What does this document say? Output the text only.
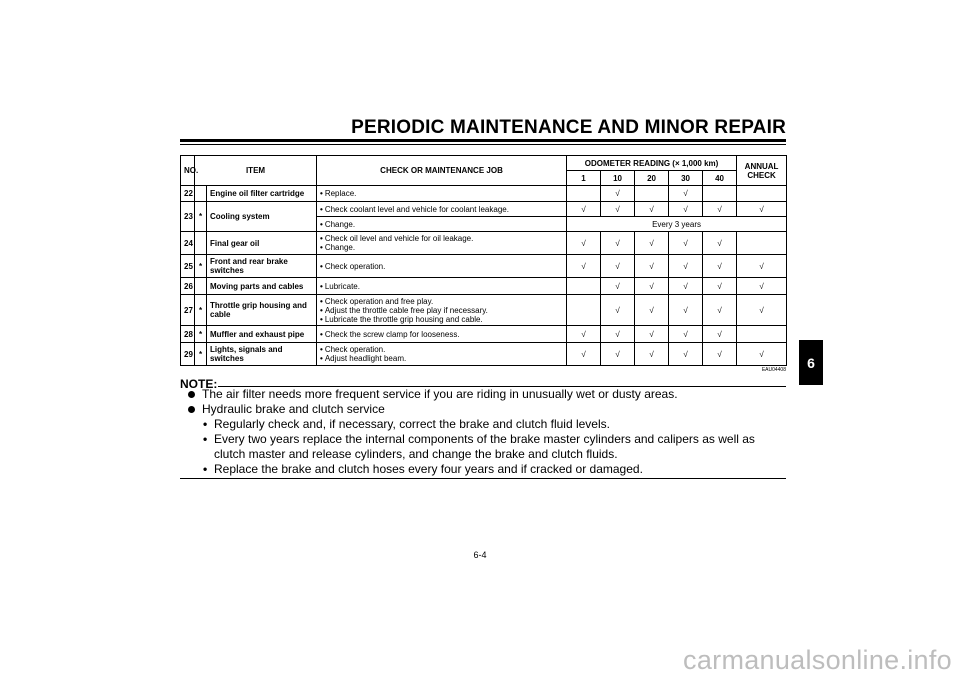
PERIODIC MAINTENANCE AND MINOR REPAIR
6
NO.	ITEM		CHECK OR MAINTENANCE JOB	ODOMETER READING (× 1,000 km)					ANNUAL CHECK
				1	10	20	30	40	
22		Engine oil filter cartridge	• Replace.		√		√		
23	*	Cooling system	• Check coolant level and vehicle for coolant leakage.	√	√	√	√	√	√

			• Change.	Every 3 years					
24		Final gear oil	• Check oil level and vehicle for oil leakage.
• Change.	√	√	√	√	√	
25	*	Front and rear brake switches	• Check operation.	√	√	√	√	√	√
26		Moving parts and cables	• Lubricate.		√	√	√	√	√
27	*	Throttle grip housing and cable	• Check operation and free play.
• Adjust the throttle cable free play if necessary.
• Lubricate the throttle grip housing and cable.		√	√	√	√	√
28	*	Muffler and exhaust pipe	• Check the screw clamp for looseness.	√	√	√	√	√	
29	*	Lights, signals and switches	• Check operation.
• Adjust headlight beam.	√	√	√	√	√	√
EAU04408
NOTE:
The air filter needs more frequent service if you are riding in unusually wet or dusty areas.
Hydraulic brake and clutch service
• Regularly check and, if necessary, correct the brake and clutch fluid levels.
• Every two years replace the internal components of the brake master cylinders and calipers as well as clutch master and release cylinders, and change the brake and clutch fluids.
• Replace the brake and clutch hoses every four years and if cracked or damaged.
6-4
carmanualsonline.info
